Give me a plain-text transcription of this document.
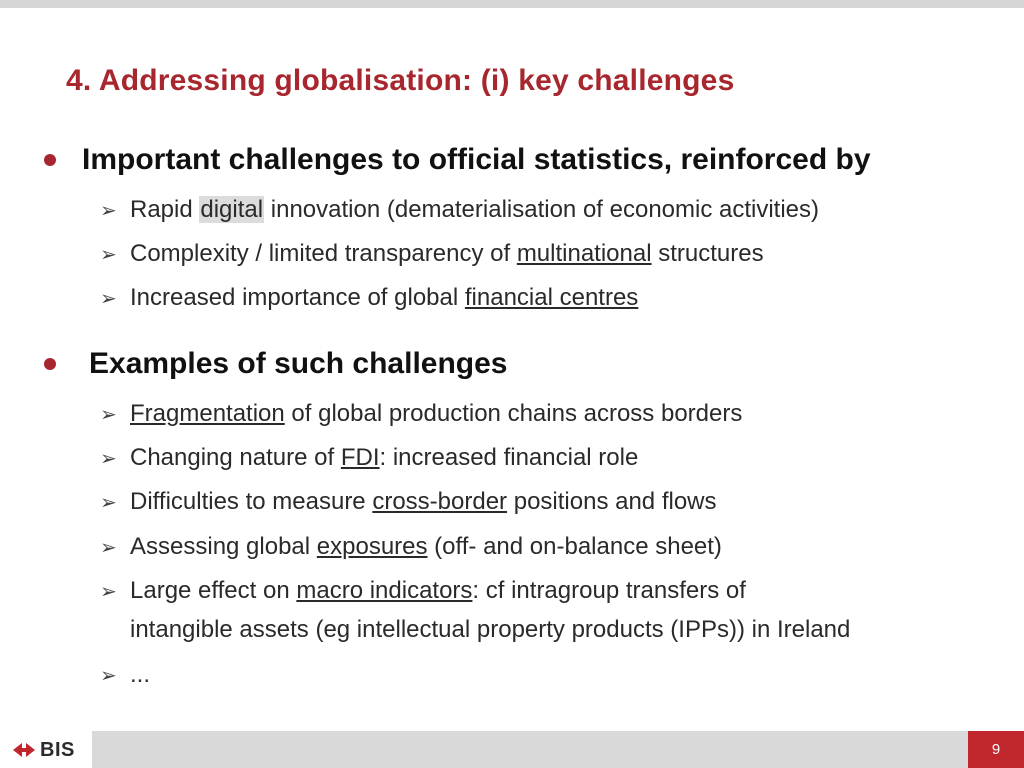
4. Addressing globalisation: (i) key challenges
Important challenges to official statistics, reinforced by
➢ Rapid digital innovation (dematerialisation of economic activities)
➢ Complexity / limited transparency of multinational structures
➢ Increased importance of global financial centres
Examples of such challenges
➢ Fragmentation of global production chains across borders
➢ Changing nature of FDI: increased financial role
➢ Difficulties to measure cross-border positions and flows
➢ Assessing global exposures (off- and on-balance sheet)
➢ Large effect on macro indicators: cf intragroup transfers of
intangible assets (eg intellectual property products (IPPs)) in Ireland
➢ ...
BIS	9
